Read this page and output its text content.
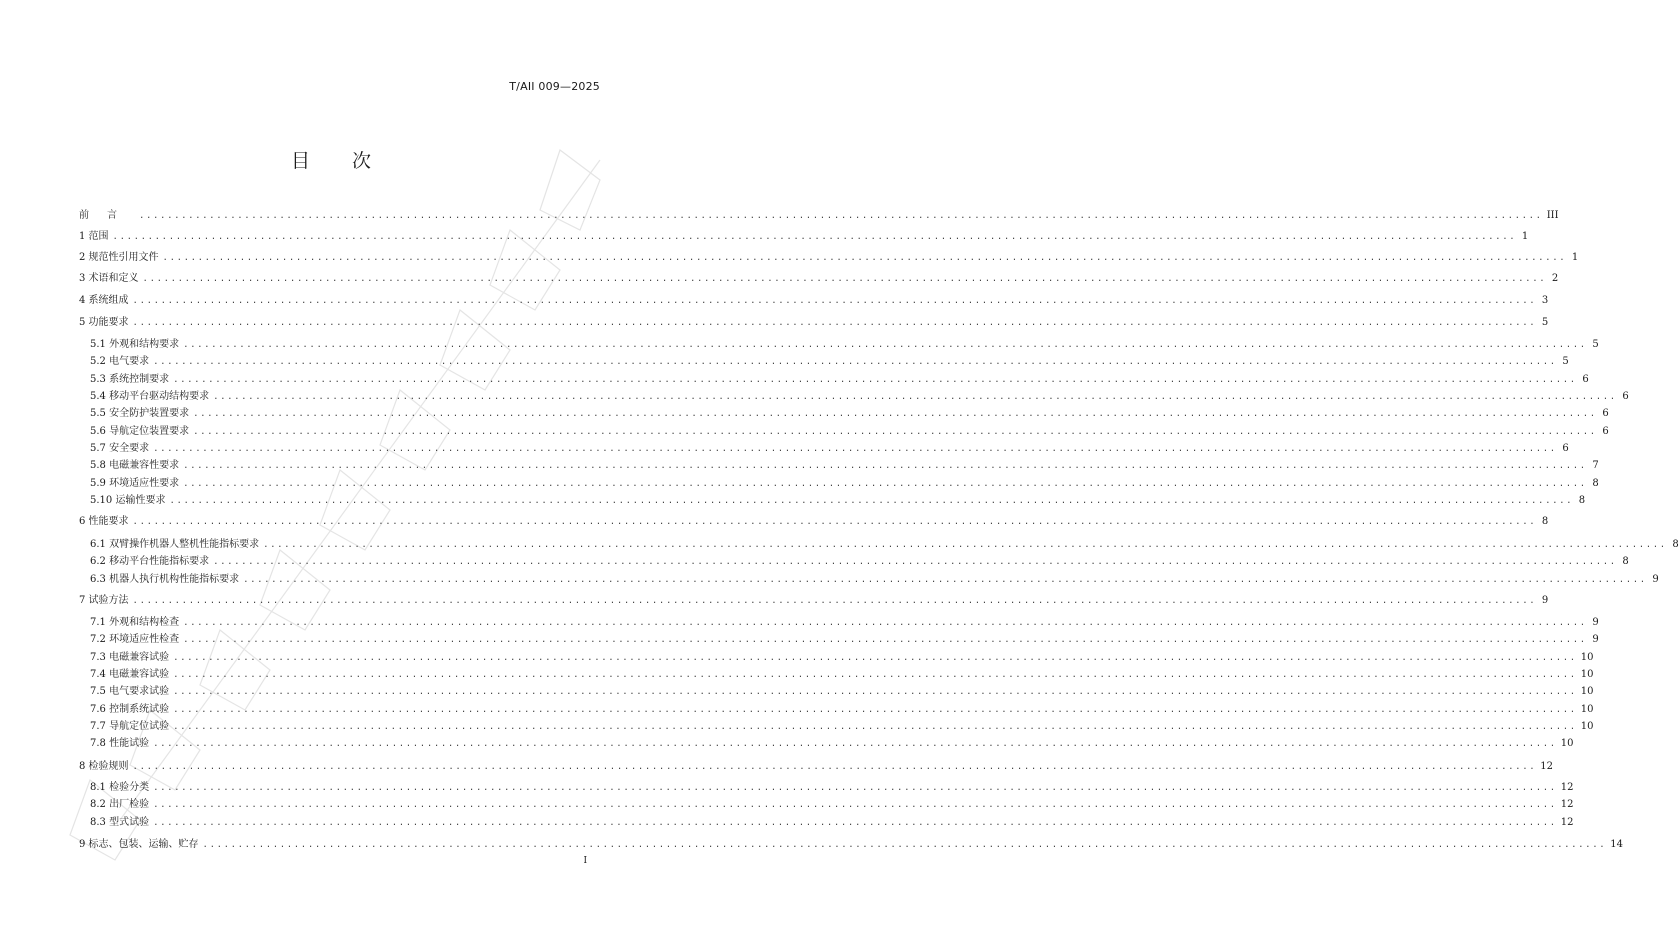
T/AII 009—2025
目次
前言 ........................................................................................................................................................................................................ III
1 范围 ........................................................................................................................................................................................................ 1
2 规范性引用文件 ........................................................................................................................................................................................................ 1
3 术语和定义 ........................................................................................................................................................................................................ 2
4 系统组成 ........................................................................................................................................................................................................ 3
5 功能要求 ........................................................................................................................................................................................................ 5
5.1 外观和结构要求 ........................................................................................................................................................................................................ 5
5.2 电气要求 ........................................................................................................................................................................................................ 5
5.3 系统控制要求 ........................................................................................................................................................................................................ 6
5.4 移动平台驱动结构要求 ........................................................................................................................................................................................................ 6
5.5 安全防护装置要求 ........................................................................................................................................................................................................ 6
5.6 导航定位装置要求 ........................................................................................................................................................................................................ 6
5.7 安全要求 ........................................................................................................................................................................................................ 6
5.8 电磁兼容性要求 ........................................................................................................................................................................................................ 7
5.9 环境适应性要求 ........................................................................................................................................................................................................ 8
5.10 运输性要求 ........................................................................................................................................................................................................ 8
6 性能要求 ........................................................................................................................................................................................................ 8
6.1 双臂操作机器人整机性能指标要求 ........................................................................................................................................................................................................ 8
6.2 移动平台性能指标要求 ........................................................................................................................................................................................................ 8
6.3 机器人执行机构性能指标要求 ........................................................................................................................................................................................................ 9
7 试验方法 ........................................................................................................................................................................................................ 9
7.1 外观和结构检查 ........................................................................................................................................................................................................ 9
7.2 环境适应性检查 ........................................................................................................................................................................................................ 9
7.3 电磁兼容试验 ........................................................................................................................................................................................................ 10
7.4 电磁兼容试验 ........................................................................................................................................................................................................ 10
7.5 电气要求试验 ........................................................................................................................................................................................................ 10
7.6 控制系统试验 ........................................................................................................................................................................................................ 10
7.7 导航定位试验 ........................................................................................................................................................................................................ 10
7.8 性能试验 ........................................................................................................................................................................................................ 10
8 检验规则 ........................................................................................................................................................................................................ 12
8.1 检验分类 ........................................................................................................................................................................................................ 12
8.2 出厂检验 ........................................................................................................................................................................................................ 12
8.3 型式试验 ........................................................................................................................................................................................................ 12
9 标志、包装、运输、贮存 ........................................................................................................................................................................................................ 14
I
